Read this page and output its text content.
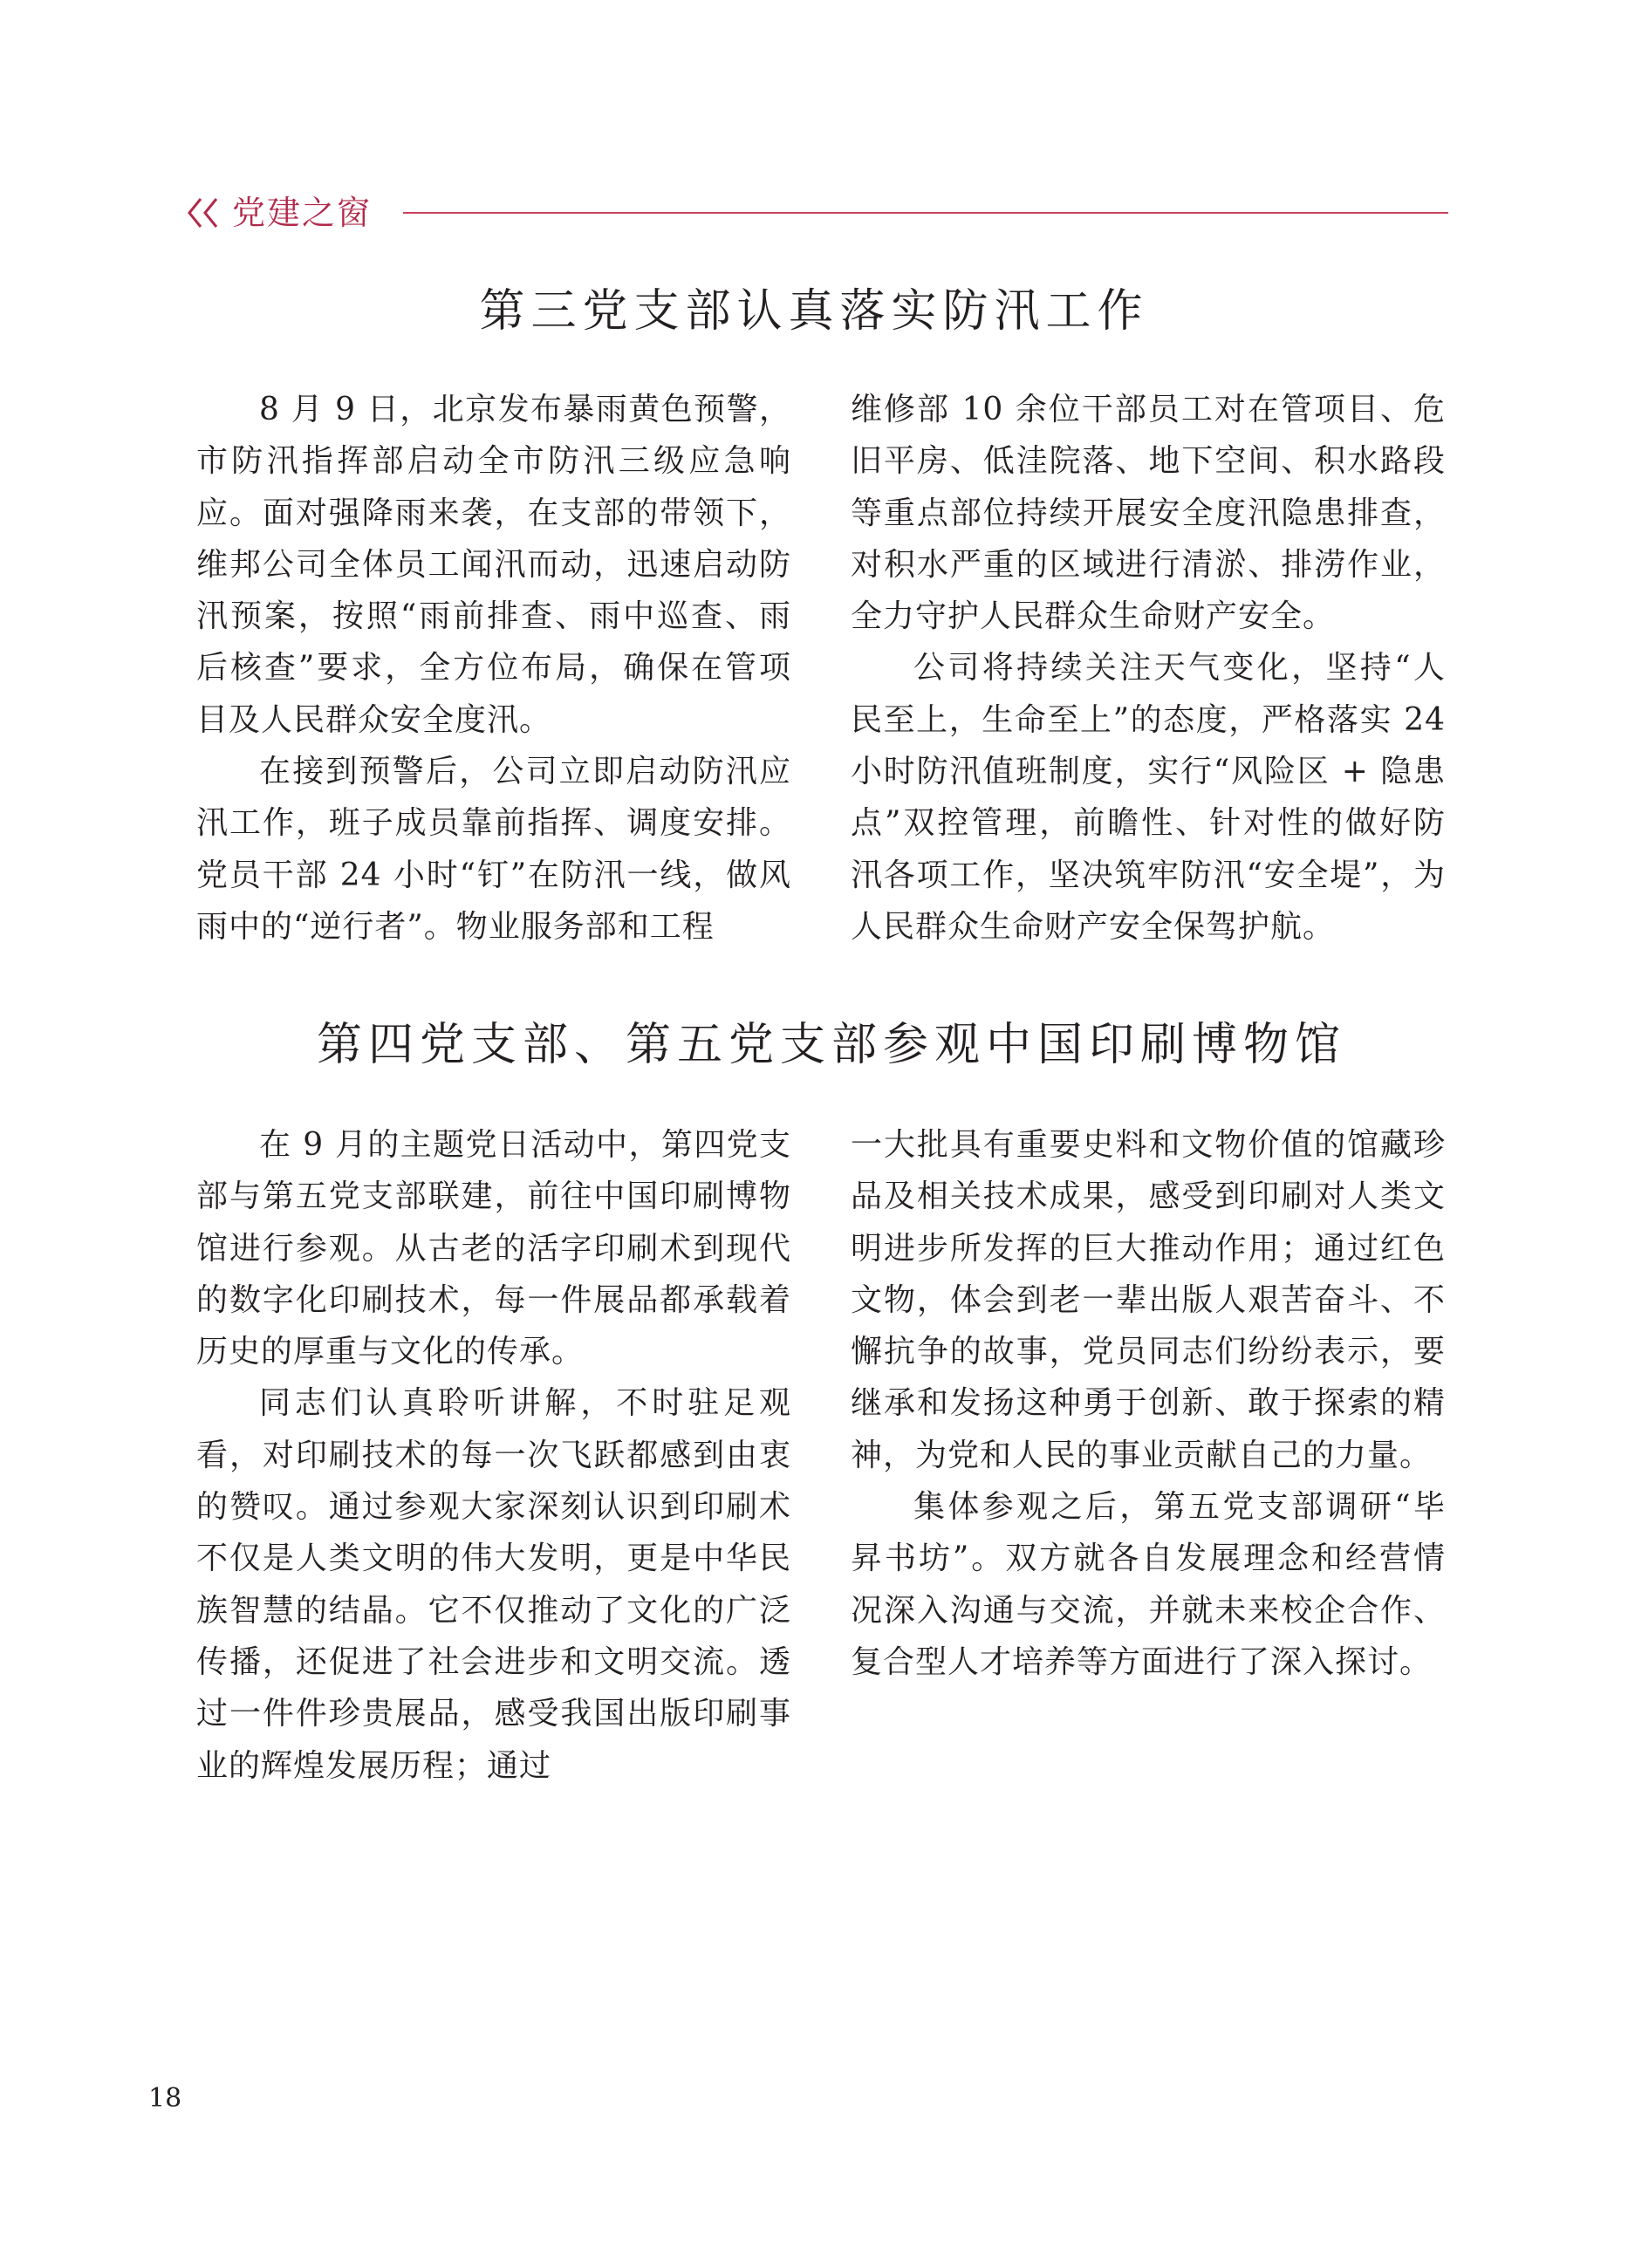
党建之窗
第三党支部认真落实防汛工作

8 月 9 日，北京发布暴雨黄色预警，市防汛指挥部启动全市防汛三级应急响应。面对强降雨来袭，在支部的带领下，维邦公司全体员工闻汛而动，迅速启动防汛预案，按照“雨前排查、雨中巡查、雨后核查”要求，全方位布局，确保在管项目及人民群众安全度汛。

在接到预警后，公司立即启动防汛应汛工作，班子成员靠前指挥、调度安排。党员干部 24 小时“钉”在防汛一线，做风雨中的“逆行者”。物业服务部和工程

维修部 10 余位干部员工对在管项目、危旧平房、低洼院落、地下空间、积水路段等重点部位持续开展安全度汛隐患排查，对积水严重的区域进行清淤、排涝作业，全力守护人民群众生命财产安全。

公司将持续关注天气变化，坚持“人民至上，生命至上”的态度，严格落实 24 小时防汛值班制度，实行“风险区 + 隐患点”双控管理，前瞻性、针对性的做好防汛各项工作，坚决筑牢防汛“安全堤”，为人民群众生命财产安全保驾护航。

第四党支部、第五党支部参观中国印刷博物馆

在 9 月的主题党日活动中，第四党支部与第五党支部联建，前往中国印刷博物馆进行参观。从古老的活字印刷术到现代的数字化印刷技术，每一件展品都承载着历史的厚重与文化的传承。

同志们认真聆听讲解，不时驻足观看，对印刷技术的每一次飞跃都感到由衷的赞叹。通过参观大家深刻认识到印刷术不仅是人类文明的伟大发明，更是中华民族智慧的结晶。它不仅推动了文化的广泛传播，还促进了社会进步和文明交流。透过一件件珍贵展品，感受我国出版印刷事业的辉煌发展历程；通过

一大批具有重要史料和文物价值的馆藏珍品及相关技术成果，感受到印刷对人类文明进步所发挥的巨大推动作用；通过红色文物，体会到老一辈出版人艰苦奋斗、不懈抗争的故事，党员同志们纷纷表示，要继承和发扬这种勇于创新、敢于探索的精神，为党和人民的事业贡献自己的力量。

集体参观之后，第五党支部调研“毕昇书坊”。双方就各自发展理念和经营情况深入沟通与交流，并就未来校企合作、复合型人才培养等方面进行了深入探讨。

18
